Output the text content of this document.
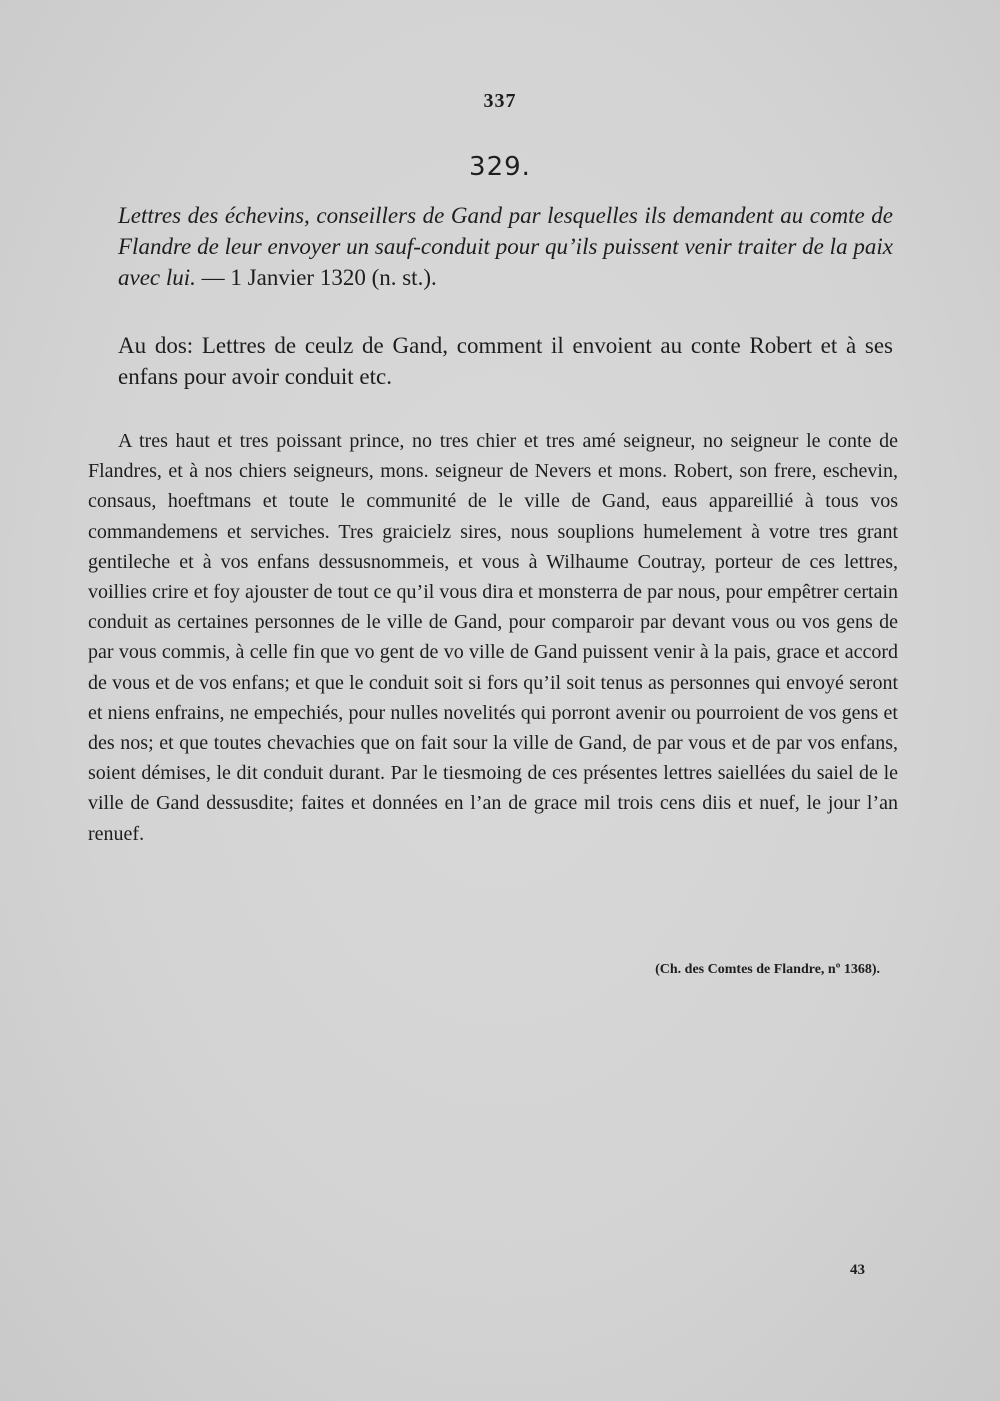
337
329.
Lettres des échevins, conseillers de Gand par lesquelles ils demandent au comte de Flandre de leur envoyer un sauf-conduit pour qu’ils puissent venir traiter de la paix avec lui. — 1 Janvier 1320 (n. st.).
Au dos: Lettres de ceulz de Gand, comment il envoient au conte Robert et à ses enfans pour avoir conduit etc.
A tres haut et tres poissant prince, no tres chier et tres amé seigneur, no seigneur le conte de Flandres, et à nos chiers seigneurs, mons. seigneur de Nevers et mons. Robert, son frere, eschevin, consaus, hoeftmans et toute le communité de le ville de Gand, eaus appareillié à tous vos commandemens et serviches. Tres graicielz sires, nous souplions humelement à votre tres grant gentileche et à vos enfans dessusnommeis, et vous à Wilhaume Coutray, porteur de ces lettres, voillies crire et foy ajouster de tout ce qu’il vous dira et monsterra de par nous, pour empêtrer certain conduit as certaines personnes de le ville de Gand, pour comparoir par devant vous ou vos gens de par vous commis, à celle fin que vo gent de vo ville de Gand puissent venir à la pais, grace et accord de vous et de vos enfans; et que le conduit soit si fors qu’il soit tenus as personnes qui envoyé seront et niens enfrains, ne empechiés, pour nulles novelités qui porront avenir ou pourroient de vos gens et des nos; et que toutes chevachies que on fait sour la ville de Gand, de par vous et de par vos enfans, soient démises, le dit conduit durant. Par le tiesmoing de ces présentes lettres saiellées du saiel de le ville de Gand dessusdite; faites et données en l’an de grace mil trois cens diis et nuef, le jour l’an renuef.
(Ch. des Comtes de Flandre, nº 1368).
43
